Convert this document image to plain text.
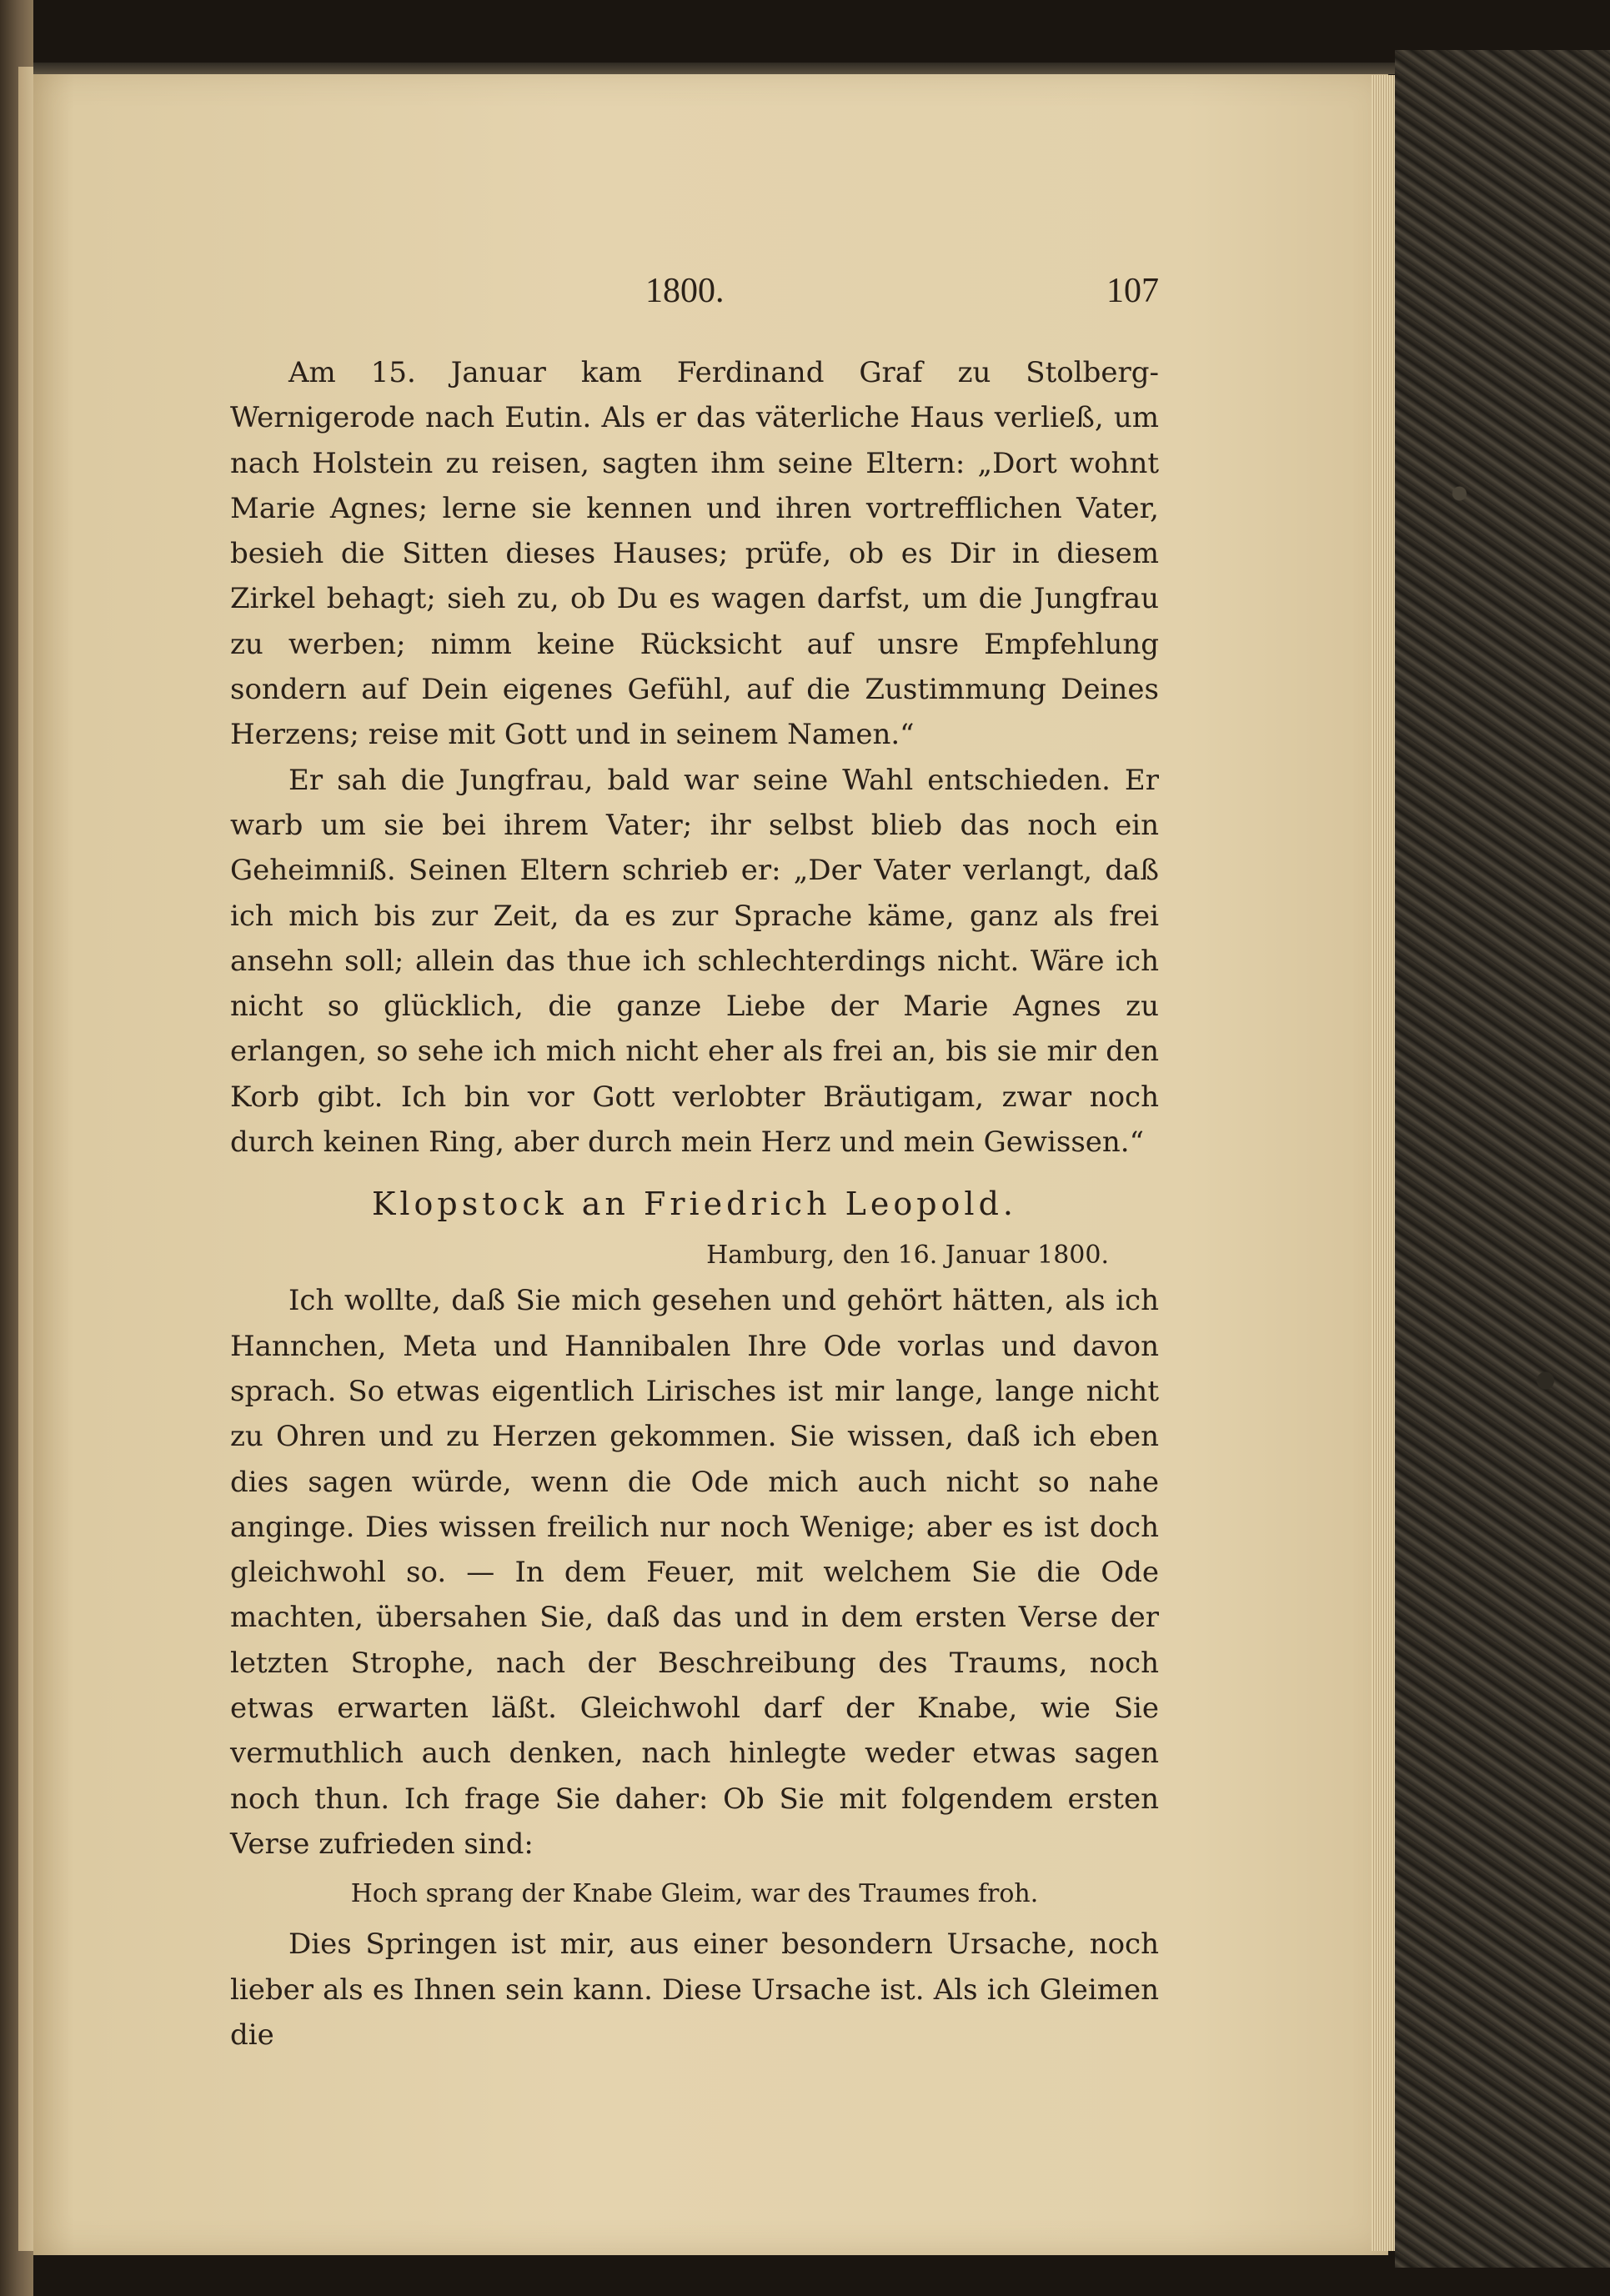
1800.	107

Am 15. Januar kam Ferdinand Graf zu Stolberg-Wernigerode nach Eutin. Als er das väterliche Haus verließ, um nach Holstein zu reisen, sagten ihm seine Eltern: „Dort wohnt Marie Agnes; lerne sie kennen und ihren vortrefflichen Vater, besieh die Sitten dieses Hauses; prüfe, ob es Dir in diesem Zirkel behagt; sieh zu, ob Du es wagen darfst, um die Jungfrau zu werben; nimm keine Rücksicht auf unsre Empfehlung sondern auf Dein eigenes Gefühl, auf die Zustimmung Deines Herzens; reise mit Gott und in seinem Namen.“

Er sah die Jungfrau, bald war seine Wahl entschieden. Er warb um sie bei ihrem Vater; ihr selbst blieb das noch ein Geheimniß. Seinen Eltern schrieb er: „Der Vater verlangt, daß ich mich bis zur Zeit, da es zur Sprache käme, ganz als frei ansehn soll; allein das thue ich schlechterdings nicht. Wäre ich nicht so glücklich, die ganze Liebe der Marie Agnes zu erlangen, so sehe ich mich nicht eher als frei an, bis sie mir den Korb gibt. Ich bin vor Gott verlobter Bräutigam, zwar noch durch keinen Ring, aber durch mein Herz und mein Gewissen.“

Klopstock an Friedrich Leopold.

Hamburg, den 16. Januar 1800.

Ich wollte, daß Sie mich gesehen und gehört hätten, als ich Hannchen, Meta und Hannibalen Ihre Ode vorlas und davon sprach. So etwas eigentlich Lirisches ist mir lange, lange nicht zu Ohren und zu Herzen gekommen. Sie wissen, daß ich eben dies sagen würde, wenn die Ode mich auch nicht so nahe anginge. Dies wissen freilich nur noch Wenige; aber es ist doch gleichwohl so. — In dem Feuer, mit welchem Sie die Ode machten, übersahen Sie, daß das und in dem ersten Verse der letzten Strophe, nach der Beschreibung des Traums, noch etwas erwarten läßt. Gleichwohl darf der Knabe, wie Sie vermuthlich auch denken, nach hinlegte weder etwas sagen noch thun. Ich frage Sie daher: Ob Sie mit folgendem ersten Verse zufrieden sind:

Hoch sprang der Knabe Gleim, war des Traumes froh.

Dies Springen ist mir, aus einer besondern Ursache, noch lieber als es Ihnen sein kann. Diese Ursache ist. Als ich Gleimen die
